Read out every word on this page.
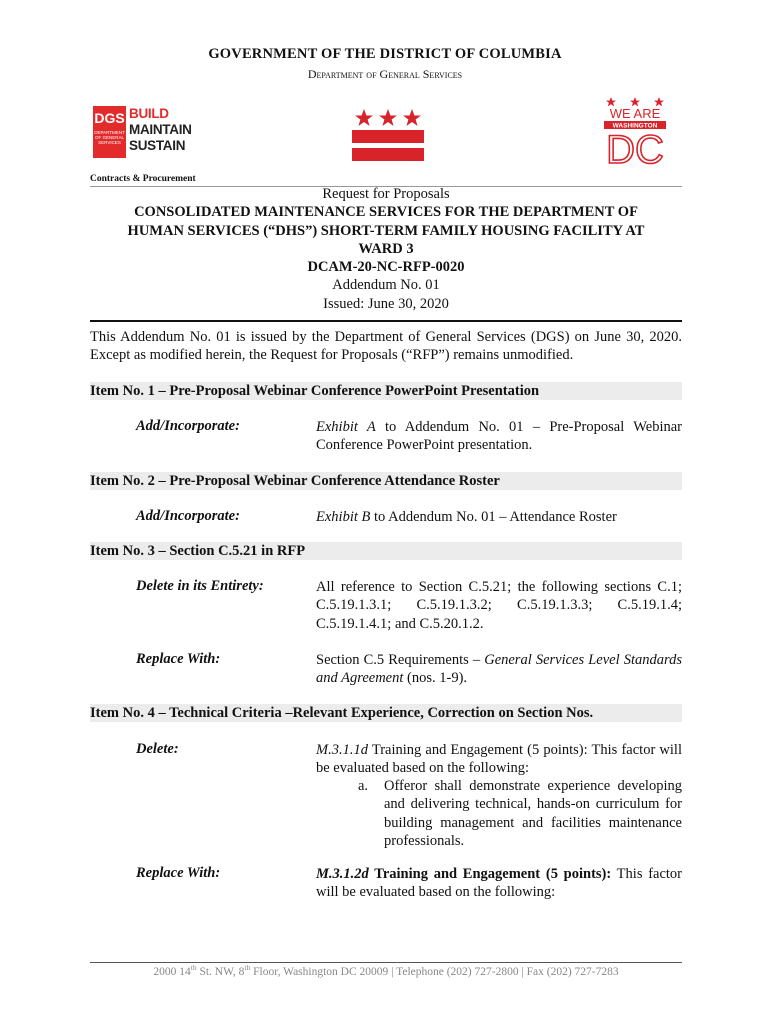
GOVERNMENT OF THE DISTRICT OF COLUMBIA
Department of General Services
DGS
DEPARTMENT OF GENERAL SERVICES
BUILD
MAINTAIN
SUSTAIN
WE ARE
WASHINGTON
DC
Contracts & Procurement
Request for Proposals
CONSOLIDATED MAINTENANCE SERVICES FOR THE DEPARTMENT OF
HUMAN SERVICES (“DHS”) SHORT-TERM FAMILY HOUSING FACILITY AT
WARD 3
DCAM-20-NC-RFP-0020
Addendum No. 01
Issued: June 30, 2020
This Addendum No. 01 is issued by the Department of General Services (DGS) on June 30, 2020. Except as modified herein, the Request for Proposals (“RFP”) remains unmodified.
Item No. 1 – Pre-Proposal Webinar Conference PowerPoint Presentation
Add/Incorporate:	Exhibit A to Addendum No. 01 – Pre-Proposal Webinar Conference PowerPoint presentation.
Item No. 2 – Pre-Proposal Webinar Conference Attendance Roster
Add/Incorporate:	Exhibit B to Addendum No. 01 – Attendance Roster
Item No. 3 – Section C.5.21 in RFP
Delete in its Entirety:	All reference to Section C.5.21; the following sections C.1; C.5.19.1.3.1; C.5.19.1.3.2; C.5.19.1.3.3; C.5.19.1.4; C.5.19.1.4.1; and C.5.20.1.2.
Replace With:	Section C.5 Requirements – General Services Level Standards and Agreement (nos. 1-9).
Item No. 4 – Technical Criteria –Relevant Experience, Correction on Section Nos.
Delete:	M.3.1.1d Training and Engagement (5 points): This factor will be evaluated based on the following:
a.	Offeror shall demonstrate experience developing and delivering technical, hands-on curriculum for building management and facilities maintenance professionals.
Replace With:	M.3.1.2d Training and Engagement (5 points): This factor will be evaluated based on the following:
2000 14th St. NW, 8th Floor, Washington DC 20009 | Telephone (202) 727-2800 | Fax (202) 727-7283
